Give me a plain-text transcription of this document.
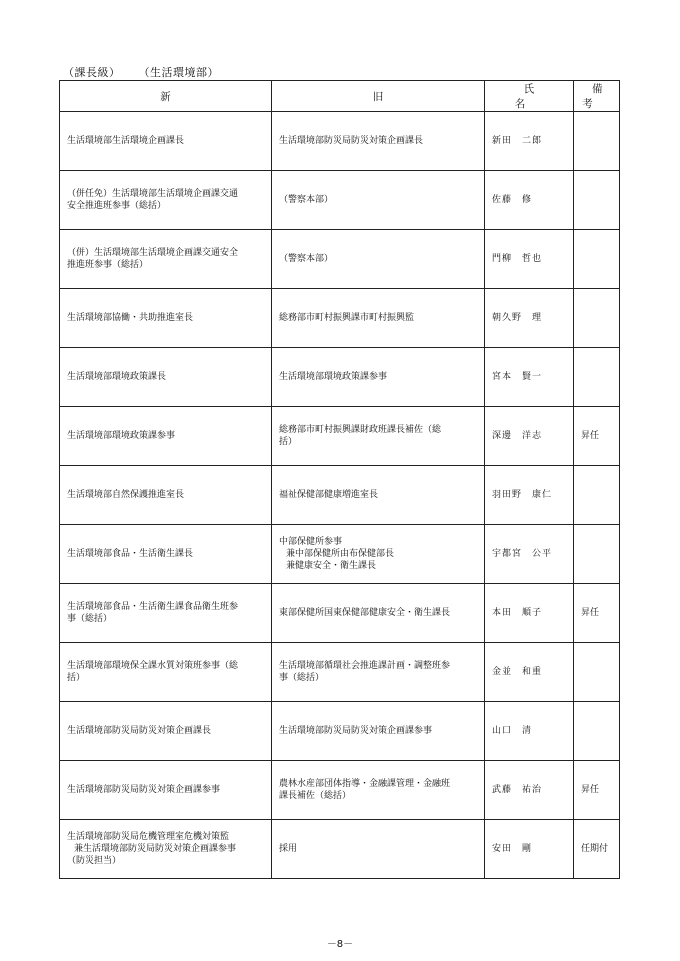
（課長級） （生活環境部）
新	旧	氏 名	備 考

生活環境部生活環境企画課長	生活環境部防災局防災対策企画課長	新田　二郎	

（併任免）生活環境部生活環境企画課交通
安全推進班参事（総括）	（警察本部）	佐藤　修	

（併）生活環境部生活環境企画課交通安全
推進班参事（総括）	（警察本部）	門柳　哲也	

生活環境部協働・共助推進室長	総務部市町村振興課市町村振興監	朝久野　理	

生活環境部環境政策課長	生活環境部環境政策課参事	宮本　賢一	

生活環境部環境政策課参事	総務部市町村振興課財政班課長補佐（総
括）	深邊　洋志	昇任

生活環境部自然保護推進室長	福祉保健部健康増進室長	羽田野　康仁	

生活環境部食品・生活衛生課長	中部保健所参事
兼中部保健所由布保健部長
兼健康安全・衛生課長	宇都宮　公平	

生活環境部食品・生活衛生課食品衛生班参
事（総括）	東部保健所国東保健部健康安全・衛生課長	本田　順子	昇任

生活環境部環境保全課水質対策班参事（総
括）	生活環境部循環社会推進課計画・調整班参
事（総括）	金並　和重	

生活環境部防災局防災対策企画課長	生活環境部防災局防災対策企画課参事	山口　清	

生活環境部防災局防災対策企画課参事	農林水産部団体指導・金融課管理・金融班
課長補佐（総括）	武藤　祐治	昇任

生活環境部防災局危機管理室危機対策監
兼生活環境部防災局防災対策企画課参事
（防災担当）	採用	安田　剛	任期付
－8－
